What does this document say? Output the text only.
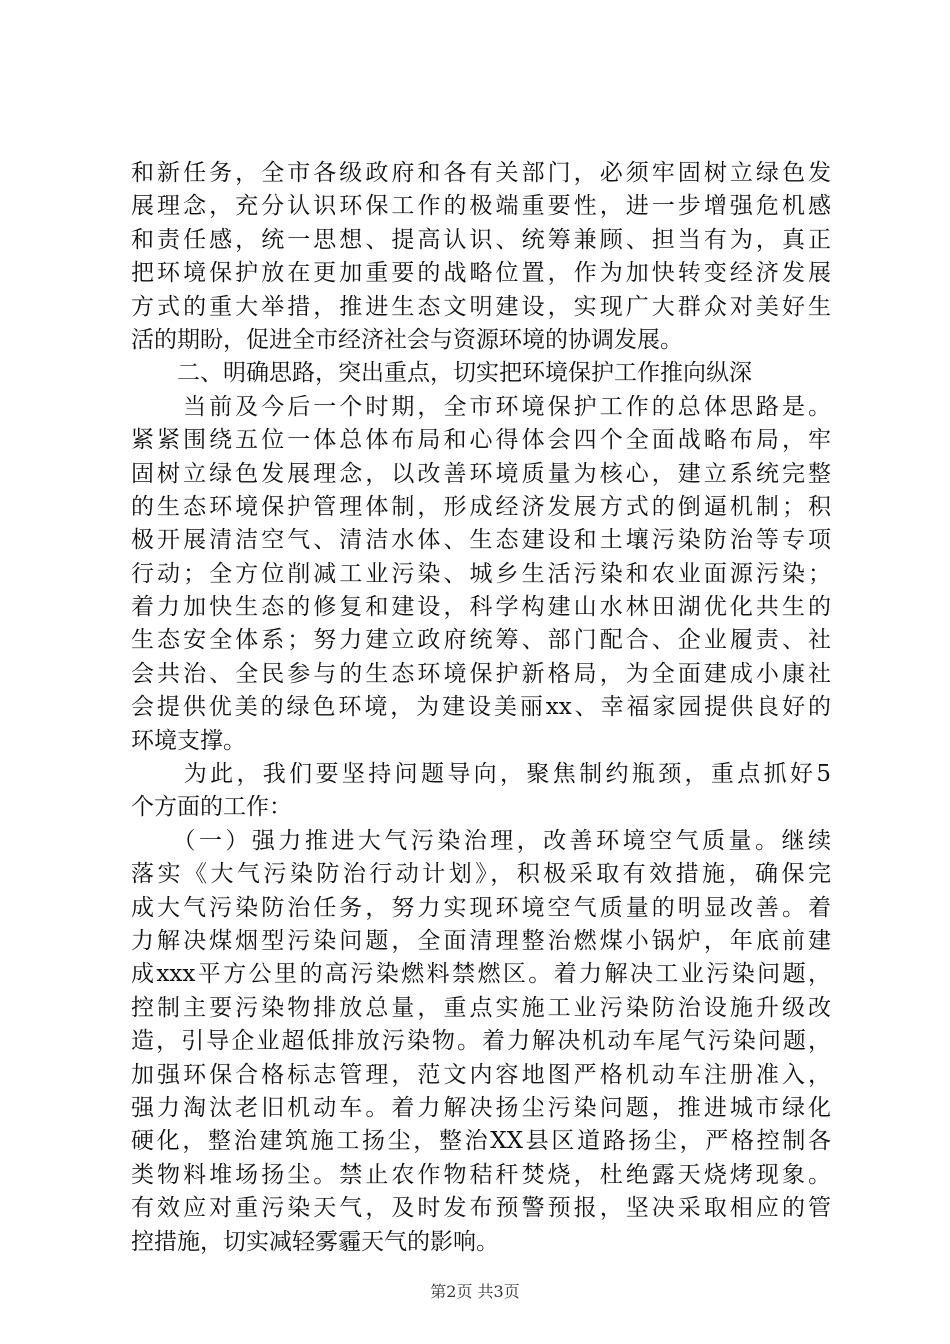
和新任务，全市各级政府和各有关部门，必须牢固树立绿色发
展理念，充分认识环保工作的极端重要性，进一步增强危机感
和责任感，统一思想、提高认识、统筹兼顾、担当有为，真正
把环境保护放在更加重要的战略位置，作为加快转变经济发展
方式的重大举措，推进生态文明建设，实现广大群众对美好生
活的期盼，促进全市经济社会与资源环境的协调发展。
　　二、明确思路，突出重点，切实把环境保护工作推向纵深
　　当前及今后一个时期，全市环境保护工作的总体思路是。
紧紧围绕五位一体总体布局和心得体会四个全面战略布局，牢
固树立绿色发展理念，以改善环境质量为核心，建立系统完整
的生态环境保护管理体制，形成经济发展方式的倒逼机制；积
极开展清洁空气、清洁水体、生态建设和土壤污染防治等专项
行动；全方位削减工业污染、城乡生活污染和农业面源污染；
着力加快生态的修复和建设，科学构建山水林田湖优化共生的
生态安全体系；努力建立政府统筹、部门配合、企业履责、社
会共治、全民参与的生态环境保护新格局，为全面建成小康社
会提供优美的绿色环境，为建设美丽xx、幸福家园提供良好的
环境支撑。
　　为此，我们要坚持问题导向，聚焦制约瓶颈，重点抓好5
个方面的工作：
　　（一）强力推进大气污染治理，改善环境空气质量。继续
落实《大气污染防治行动计划》，积极采取有效措施，确保完
成大气污染防治任务，努力实现环境空气质量的明显改善。着
力解决煤烟型污染问题，全面清理整治燃煤小锅炉，年底前建
成xxx平方公里的高污染燃料禁燃区。着力解决工业污染问题，
控制主要污染物排放总量，重点实施工业污染防治设施升级改
造，引导企业超低排放污染物。着力解决机动车尾气污染问题，
加强环保合格标志管理，范文内容地图严格机动车注册准入，
强力淘汰老旧机动车。着力解决扬尘污染问题，推进城市绿化
硬化，整治建筑施工扬尘，整治XX县区道路扬尘，严格控制各
类物料堆场扬尘。禁止农作物秸秆焚烧，杜绝露天烧烤现象。
有效应对重污染天气，及时发布预警预报，坚决采取相应的管
控措施，切实减轻雾霾天气的影响。
第2页 共3页
